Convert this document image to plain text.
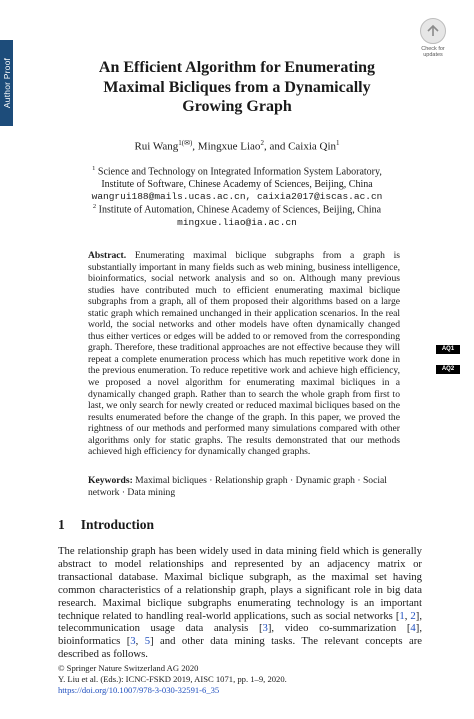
Author Proof
Check for
updates
An Efficient Algorithm for Enumerating
Maximal Bicliques from a Dynamically
Growing Graph
Rui Wang$^{1(✉)}$, Mingxue Liao$^2$, and Caixia Qin$^1$
$^1$ Science and Technology on Integrated Information System Laboratory,
Institute of Software, Chinese Academy of Sciences, Beijing, China
wangrui188@mails.ucas.ac.cn, caixia2017@iscas.ac.cn
$^2$ Institute of Automation, Chinese Academy of Sciences, Beijing, China
mingxue.liao@ia.ac.cn
Abstract. Enumerating maximal biclique subgraphs from a graph is substantially important in many fields such as web mining, business intelligence, bioinformatics, social network analysis and so on. Although many previous studies have contributed much to efficient enumerating maximal biclique subgraphs from a graph, all of them proposed their algorithms based on a large static graph which remained unchanged in their application scenarios. In the real world, the social networks and other models have often dynamically changed thus either vertices or edges will be added to or removed from the corresponding graph. Therefore, these traditional approaches are not effective because they will repeat a complete enumeration process which has much repetitive work done in the previous enumeration. To reduce repetitive work and achieve high efficiency, we proposed a novel algorithm for enumerating maximal bicliques in a dynamically changed graph. Rather than to search the whole graph from first to last, we only search for newly created or reduced maximal bicliques based on the results enumerated before the change of the graph. In this paper, we proved the rightness of our methods and performed many simulations compared with other algorithms only for static graphs. The results demonstrated that our methods achieved high efficiency for dynamically changed graphs.
AQ1
AQ2
Keywords: Maximal bicliques · Relationship graph · Dynamic graph · Social network · Data mining
1 Introduction
The relationship graph has been widely used in data mining field which is generally abstract to model relationships and represented by an adjacency matrix or transactional database. Maximal biclique subgraph, as the maximal set having common characteristics of a relationship graph, plays a significant role in big data research. Maximal biclique subgraphs enumerating technology is an important technique related to handling real-world applications, such as social networks [1, 2], telecommunication usage data analysis [3], video co-summarization [4], bioinformatics [3, 5] and other data mining tasks. The relevant concepts are described as follows.
© Springer Nature Switzerland AG 2020
Y. Liu et al. (Eds.): ICNC-FSKD 2019, AISC 1071, pp. 1–9, 2020.
https://doi.org/10.1007/978-3-030-32591-6_35
